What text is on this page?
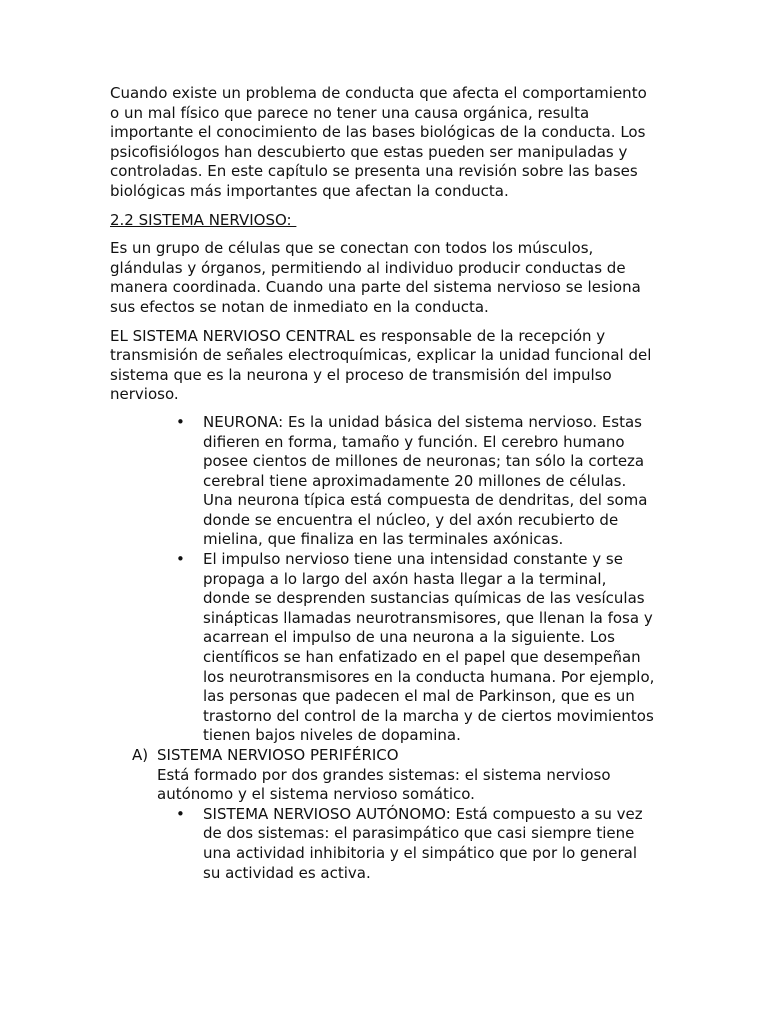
Cuando existe un problema de conducta que afecta el comportamiento o un mal físico que parece no tener una causa orgánica, resulta importante el conocimiento de las bases biológicas de la conducta. Los psicofisiólogos han descubierto que estas pueden ser manipuladas y controladas. En este capítulo se presenta una revisión sobre las bases biológicas más importantes que afectan la conducta.

2.2 SISTEMA NERVIOSO:

Es un grupo de células que se conectan con todos los músculos, glándulas y órganos, permitiendo al individuo producir conductas de manera coordinada. Cuando una parte del sistema nervioso se lesiona sus efectos se notan de inmediato en la conducta.

EL SISTEMA NERVIOSO CENTRAL es responsable de la recepción y transmisión de señales electroquímicas, explicar la unidad funcional del sistema que es la neurona y el proceso de transmisión del impulso nervioso.

• NEURONA: Es la unidad básica del sistema nervioso. Estas difieren en forma, tamaño y función. El cerebro humano posee cientos de millones de neuronas; tan sólo la corteza cerebral tiene aproximadamente 20 millones de células. Una neurona típica está compuesta de dendritas, del soma donde se encuentra el núcleo, y del axón recubierto de mielina, que finaliza en las terminales axónicas.
• El impulso nervioso tiene una intensidad constante y se propaga a lo largo del axón hasta llegar a la terminal, donde se desprenden sustancias químicas de las vesículas sinápticas llamadas neurotransmisores, que llenan la fosa y acarrean el impulso de una neurona a la siguiente. Los científicos se han enfatizado en el papel que desempeñan los neurotransmisores en la conducta humana. Por ejemplo, las personas que padecen el mal de Parkinson, que es un trastorno del control de la marcha y de ciertos movimientos tienen bajos niveles de dopamina.
A) SISTEMA NERVIOSO PERIFÉRICO

Está formado por dos grandes sistemas: el sistema nervioso autónomo y el sistema nervioso somático.

• SISTEMA NERVIOSO AUTÓNOMO: Está compuesto a su vez de dos sistemas: el parasimpático que casi siempre tiene una actividad inhibitoria y el simpático que por lo general su actividad es activa.
